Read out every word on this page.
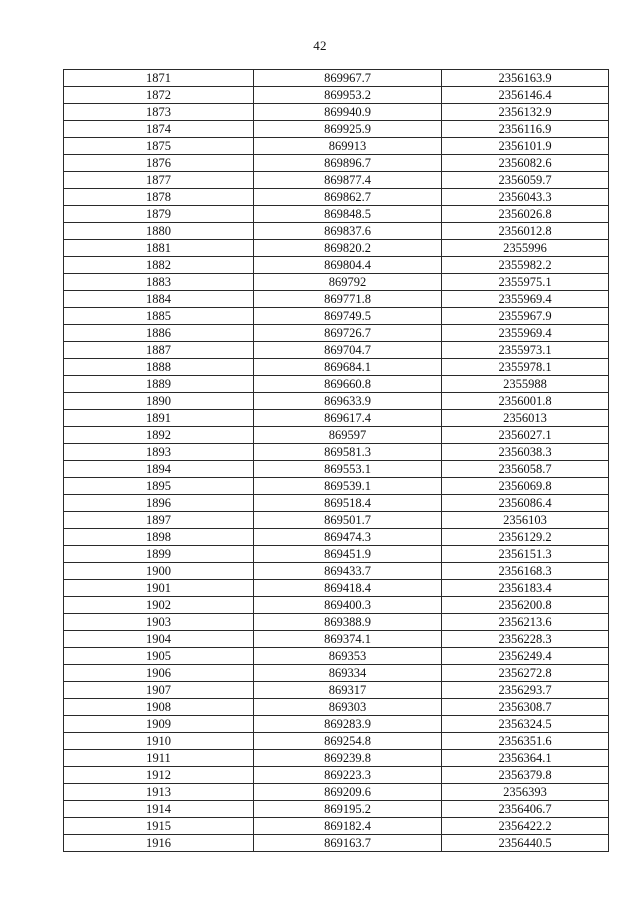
42
1871	869967.7	2356163.9
1872	869953.2	2356146.4
1873	869940.9	2356132.9
1874	869925.9	2356116.9
1875	869913	2356101.9
1876	869896.7	2356082.6
1877	869877.4	2356059.7
1878	869862.7	2356043.3
1879	869848.5	2356026.8
1880	869837.6	2356012.8
1881	869820.2	2355996
1882	869804.4	2355982.2
1883	869792	2355975.1
1884	869771.8	2355969.4
1885	869749.5	2355967.9
1886	869726.7	2355969.4
1887	869704.7	2355973.1
1888	869684.1	2355978.1
1889	869660.8	2355988
1890	869633.9	2356001.8
1891	869617.4	2356013
1892	869597	2356027.1
1893	869581.3	2356038.3
1894	869553.1	2356058.7
1895	869539.1	2356069.8
1896	869518.4	2356086.4
1897	869501.7	2356103
1898	869474.3	2356129.2
1899	869451.9	2356151.3
1900	869433.7	2356168.3
1901	869418.4	2356183.4
1902	869400.3	2356200.8
1903	869388.9	2356213.6
1904	869374.1	2356228.3
1905	869353	2356249.4
1906	869334	2356272.8
1907	869317	2356293.7
1908	869303	2356308.7
1909	869283.9	2356324.5
1910	869254.8	2356351.6
1911	869239.8	2356364.1
1912	869223.3	2356379.8
1913	869209.6	2356393
1914	869195.2	2356406.7
1915	869182.4	2356422.2
1916	869163.7	2356440.5
